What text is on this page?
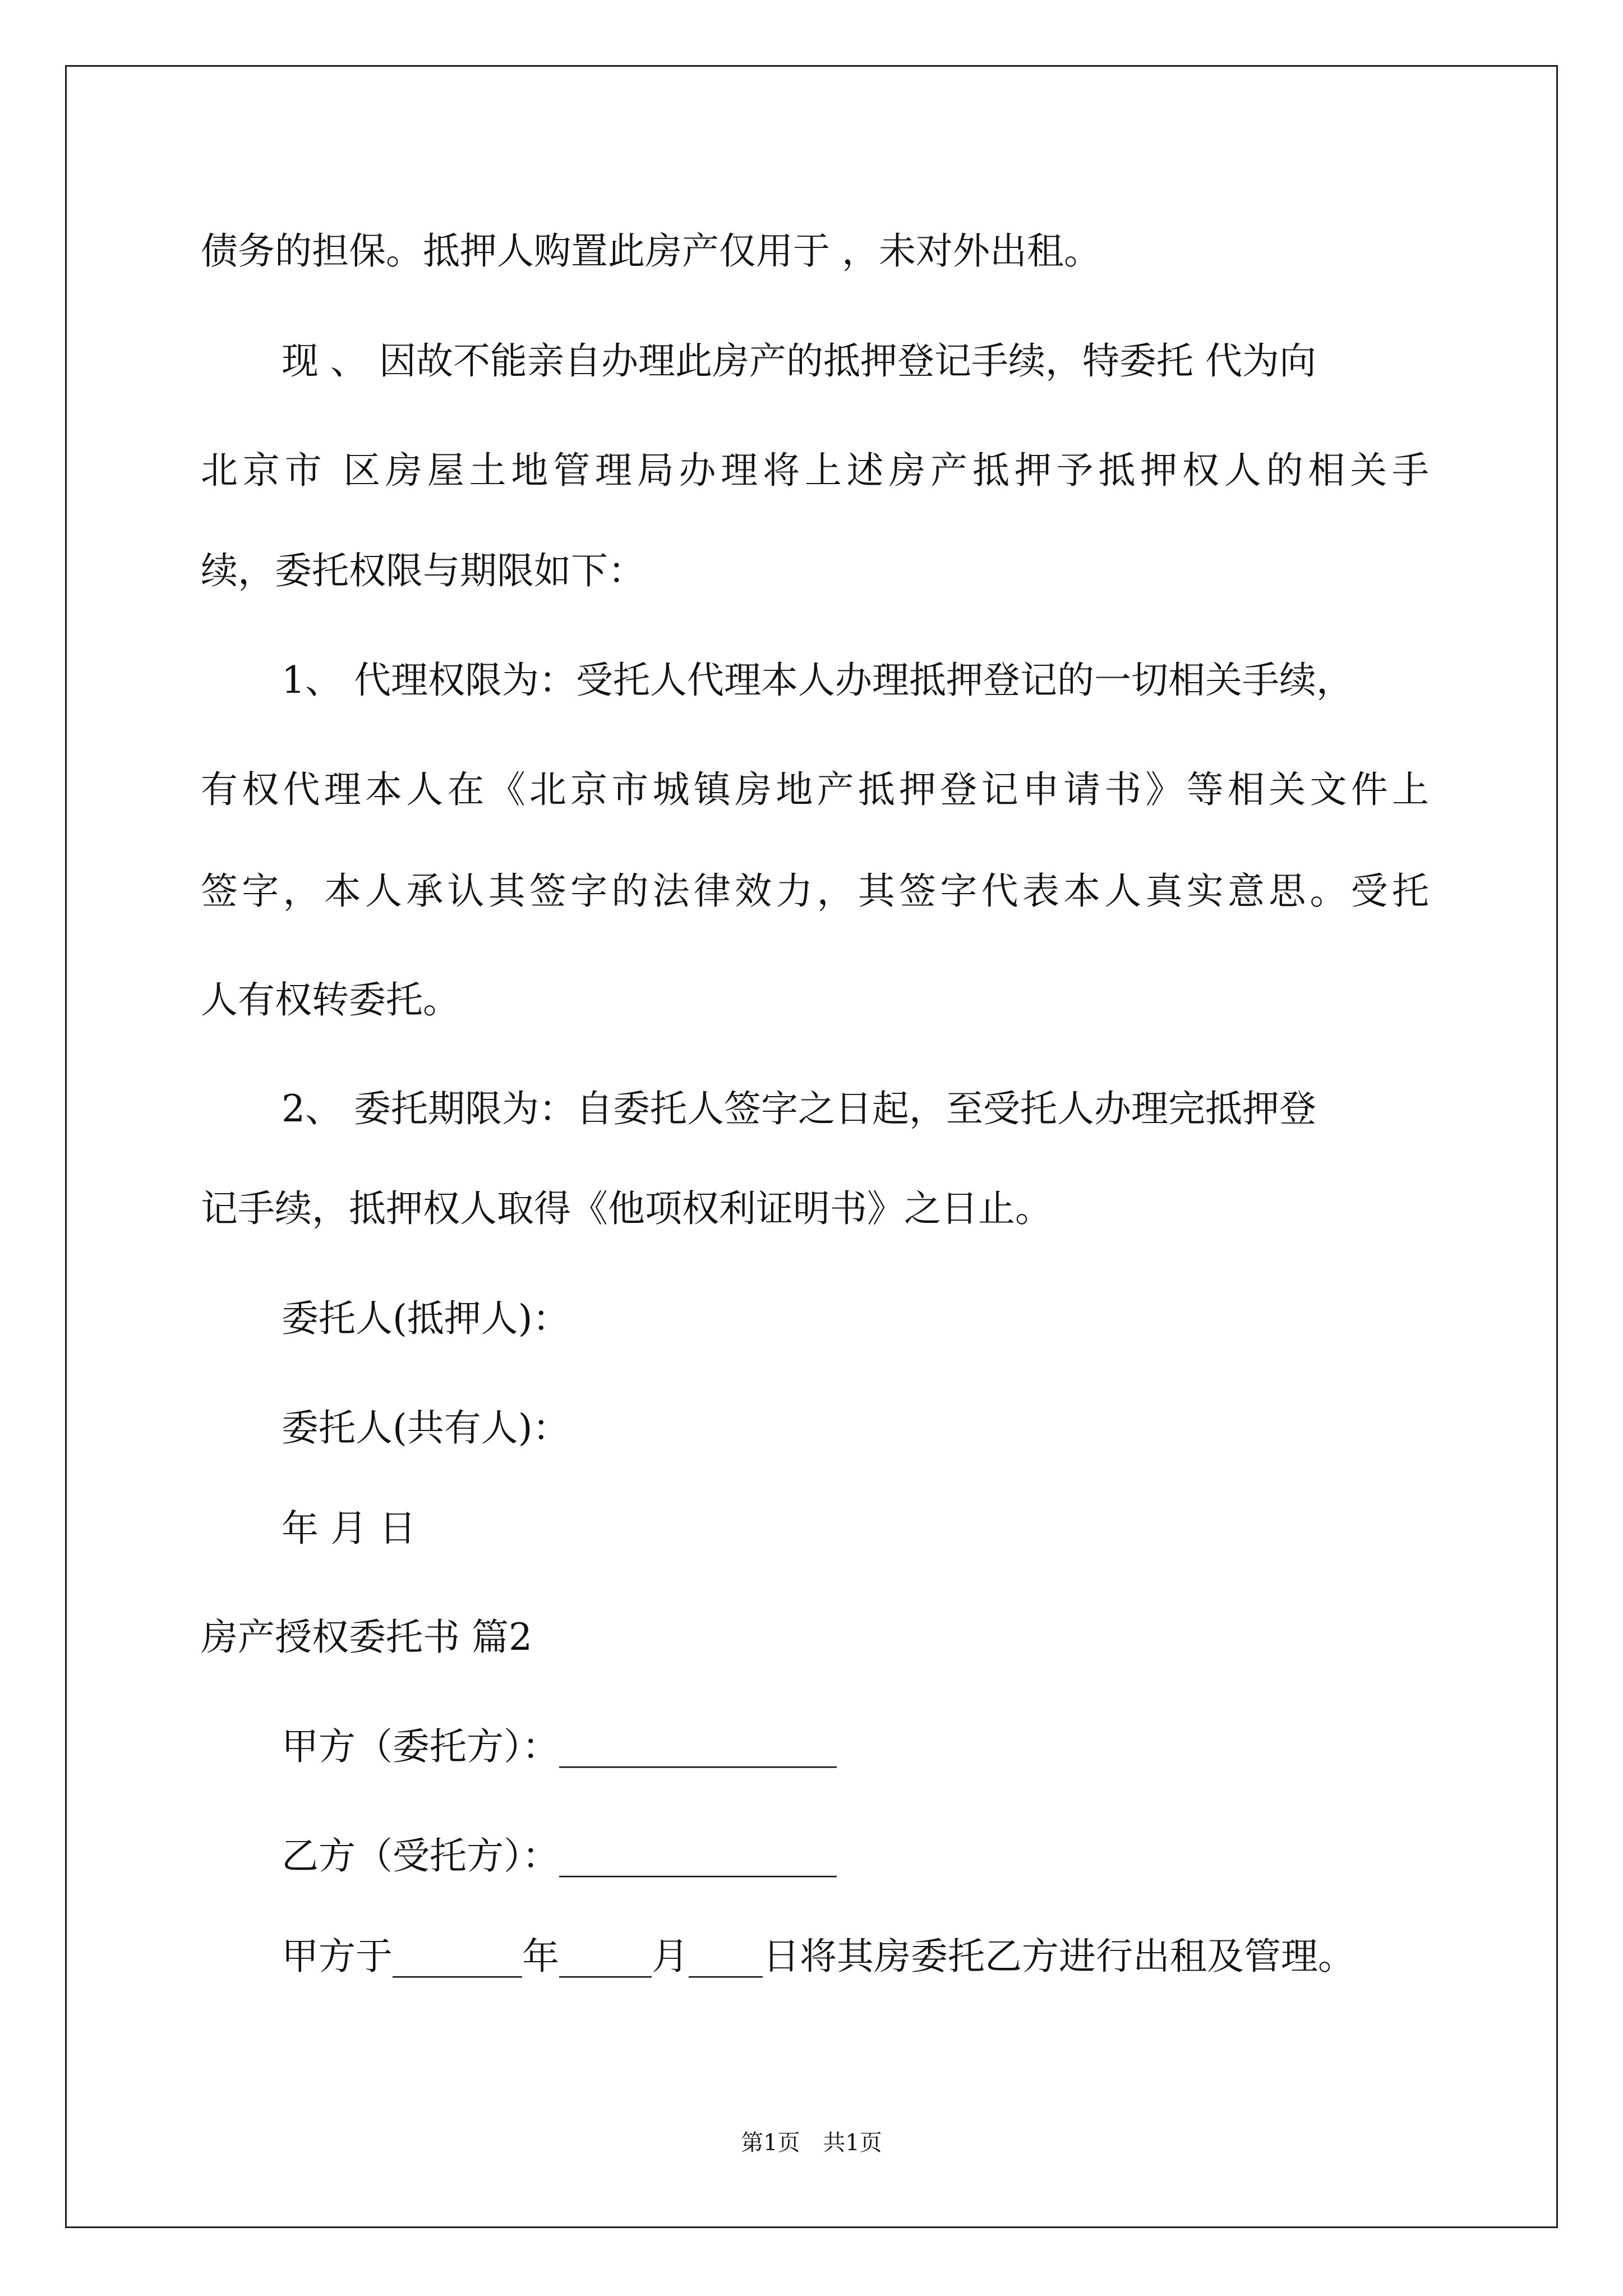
债务的担保。抵押人购置此房产仅用于 ，未对外出租。
现 、 因故不能亲自办理此房产的抵押登记手续，特委托 代为向
北京市 区房屋土地管理局办理将上述房产抵押予抵押权人的相关手
续，委托权限与期限如下：
1、 代理权限为：受托人代理本人办理抵押登记的一切相关手续，
有权代理本人在《北京市城镇房地产抵押登记申请书》等相关文件上
签字，本人承认其签字的法律效力，其签字代表本人真实意思。受托
人有权转委托。
2、 委托期限为：自委托人签字之日起，至受托人办理完抵押登
记手续，抵押权人取得《他项权利证明书》之日止。
委托人(抵押人)：
委托人(共有人)：
年 月 日
房产授权委托书 篇2
甲方（委托方）：_______________
乙方（受托方）：_______________
甲方于_______年_____月____日将其房委托乙方进行出租及管理。
第1页 共1页
